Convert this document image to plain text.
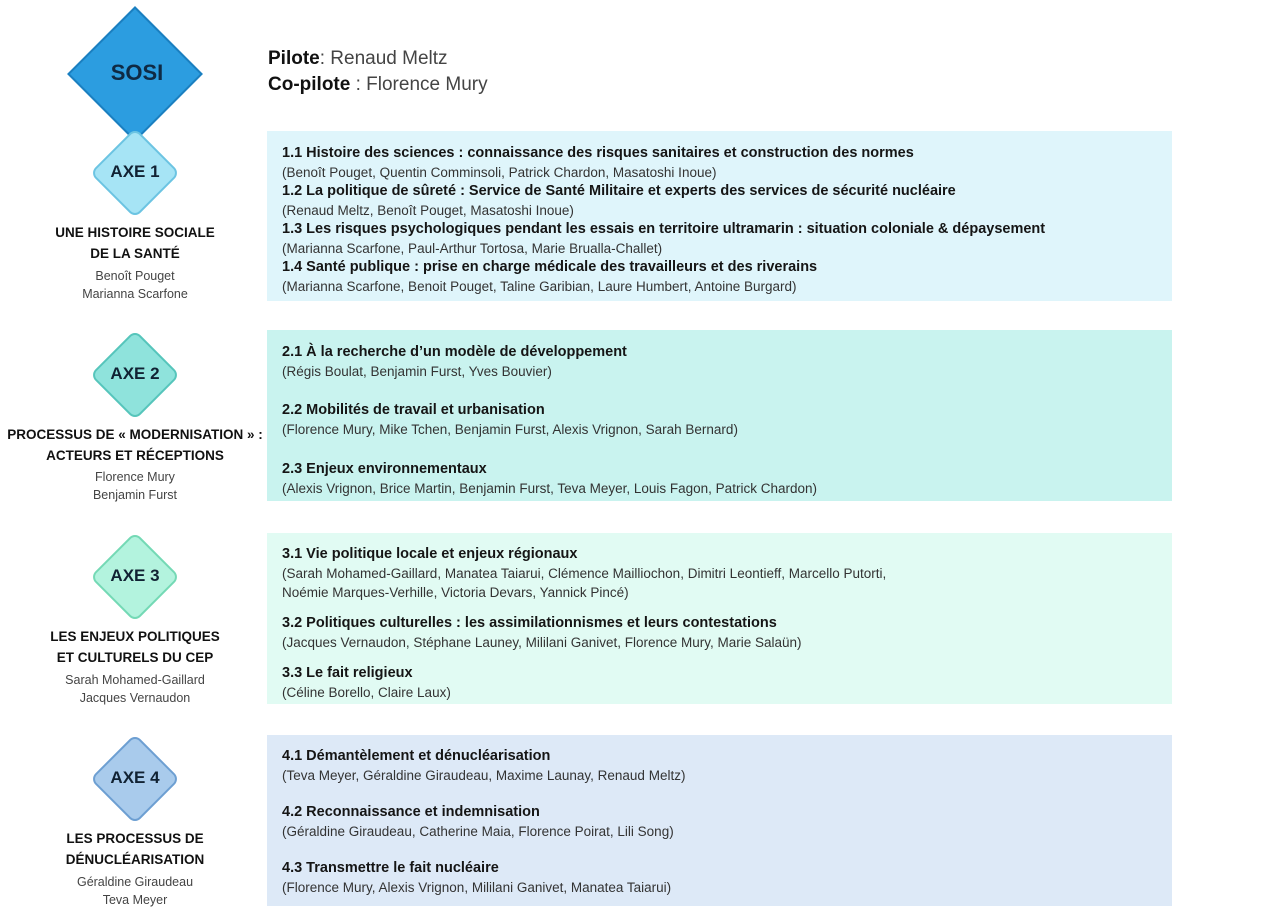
SOSI
Pilote: Renaud Meltz
Co-pilote : Florence Mury
AXE 1
UNE HISTOIRE SOCIALE
DE LA SANTÉ
Benoît Pouget
Marianna Scarfone
1.1 Histoire des sciences : connaissance des risques sanitaires et construction des normes
(Benoît Pouget, Quentin Comminsoli, Patrick Chardon, Masatoshi Inoue)
1.2 La politique de sûreté : Service de Santé Militaire et experts des services de sécurité nucléaire
(Renaud Meltz, Benoît Pouget, Masatoshi Inoue)
1.3 Les risques psychologiques pendant les essais en territoire ultramarin : situation coloniale & dépaysement
(Marianna Scarfone, Paul-Arthur Tortosa, Marie Brualla-Challet)
1.4 Santé publique : prise en charge médicale des travailleurs et des riverains
(Marianna Scarfone, Benoit Pouget, Taline Garibian, Laure Humbert, Antoine Burgard)
AXE 2
PROCESSUS DE « MODERNISATION » :
ACTEURS ET RÉCEPTIONS
Florence Mury
Benjamin Furst
2.1 À la recherche d’un modèle de développement
(Régis Boulat, Benjamin Furst, Yves Bouvier)
2.2 Mobilités de travail et urbanisation
(Florence Mury, Mike Tchen, Benjamin Furst, Alexis Vrignon, Sarah Bernard)
2.3 Enjeux environnementaux
(Alexis Vrignon, Brice Martin, Benjamin Furst, Teva Meyer, Louis Fagon, Patrick Chardon)
AXE 3
LES ENJEUX POLITIQUES
ET CULTURELS DU CEP
Sarah Mohamed-Gaillard
Jacques Vernaudon
3.1 Vie politique locale et enjeux régionaux
(Sarah Mohamed-Gaillard, Manatea Taiarui, Clémence Mailliochon, Dimitri Leontieff, Marcello Putorti,
Noémie Marques-Verhille, Victoria Devars, Yannick Pincé)
3.2 Politiques culturelles : les assimilationnismes et leurs contestations
(Jacques Vernaudon, Stéphane Launey, Mililani Ganivet, Florence Mury, Marie Salaün)
3.3 Le fait religieux
(Céline Borello, Claire Laux)
AXE 4
LES PROCESSUS DE
DÉNUCLÉARISATION
Géraldine Giraudeau
Teva Meyer
4.1 Démantèlement et dénucléarisation
(Teva Meyer, Géraldine Giraudeau, Maxime Launay, Renaud Meltz)
4.2 Reconnaissance et indemnisation
(Géraldine Giraudeau, Catherine Maia, Florence Poirat, Lili Song)
4.3 Transmettre le fait nucléaire
(Florence Mury, Alexis Vrignon, Mililani Ganivet, Manatea Taiarui)
